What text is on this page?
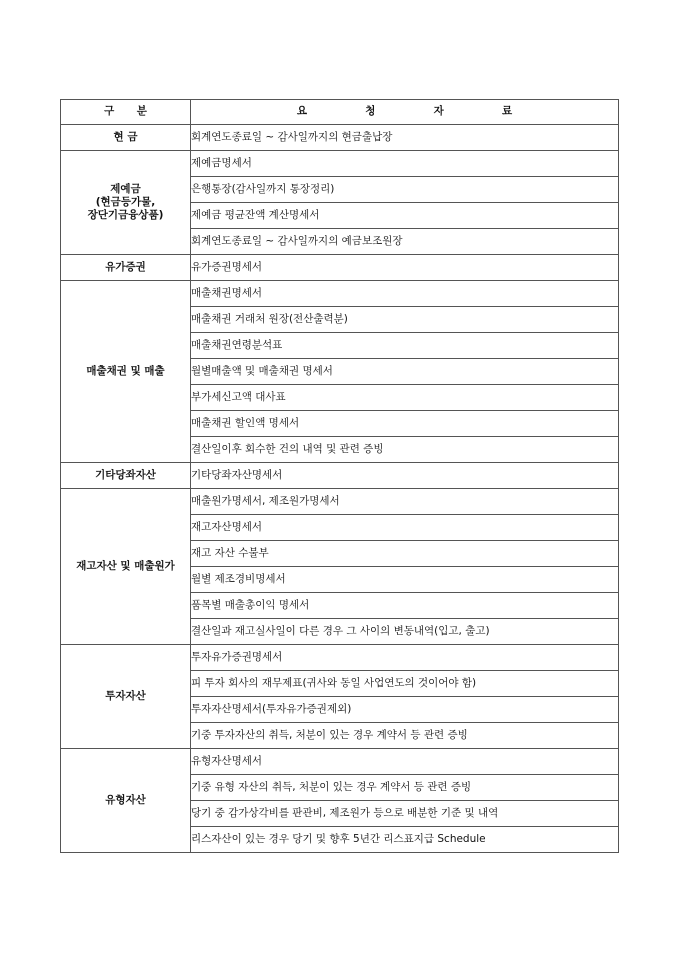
구 분	요 청 자 료

현 금	회계연도종료일 ~ 감사일까지의 현금출납장

제예금
(현금등가물,
장단기금융상품)	제예금명세서
	은행통장(감사일까지 통장정리)
	제예금 평균잔액 계산명세서
	회계연도종료일 ~ 감사일까지의 예금보조원장

유가증권	유가증권명세서

매출채권 및 매출	매출채권명세서
	매출채권 거래처 원장(전산출력분)
	매출채권연령분석표
	월별매출액 및 매출채권 명세서
	부가세신고액 대사표
	매출채권 할인액 명세서
	결산일이후 회수한 건의 내역 및 관련 증빙

기타당좌자산	기타당좌자산명세서

재고자산 및 매출원가	매출원가명세서, 제조원가명세서
	재고자산명세서
	재고 자산 수불부
	월별 제조경비명세서
	품목별 매출총이익 명세서
	결산일과 재고실사일이 다른 경우 그 사이의 변동내역(입고, 출고)

투자자산	투자유가증권명세서
	피 투자 회사의 재무제표(귀사와 동일 사업연도의 것이어야 함)
	투자자산명세서(투자유가증권제외)
	기중 투자자산의 취득, 처분이 있는 경우 계약서 등 관련 증빙

유형자산	유형자산명세서
	기중 유형 자산의 취득, 처분이 있는 경우 계약서 등 관련 증빙
	당기 중 감가상각비를 판관비, 제조원가 등으로 배분한 기준 및 내역
	리스자산이 있는 경우 당기 및 향후 5년간 리스표지급 Schedule
